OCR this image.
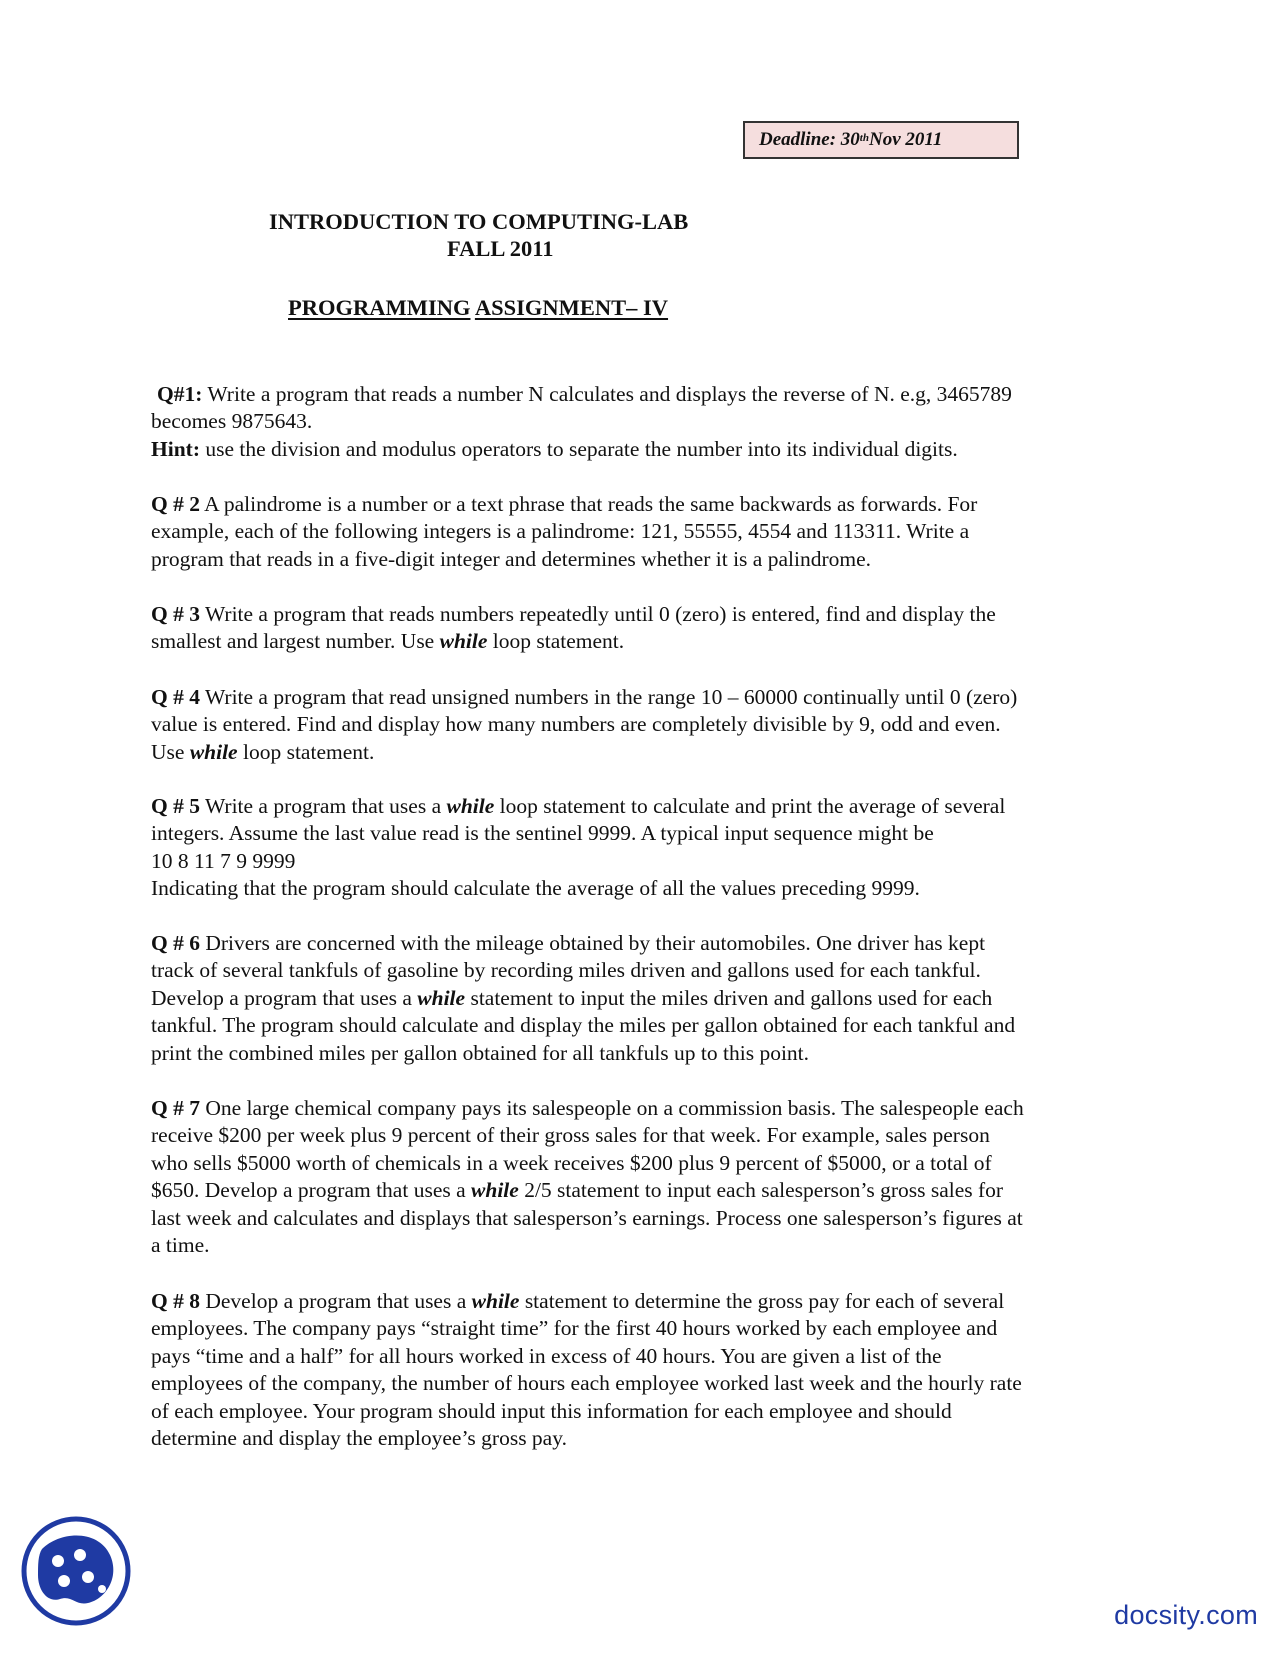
Deadline: 30th Nov 2011
INTRODUCTION TO COMPUTING-LAB
FALL 2011
PROGRAMMING ASSIGNMENT– IV
Q#1: Write a program that reads a number N calculates and displays the reverse of N. e.g, 3465789
becomes 9875643.
Hint: use the division and modulus operators to separate the number into its individual digits.
Q # 2 A palindrome is a number or a text phrase that reads the same backwards as forwards. For
example, each of the following integers is a palindrome: 121, 55555, 4554 and 113311. Write a
program that reads in a five-digit integer and determines whether it is a palindrome.
Q # 3 Write a program that reads numbers repeatedly until 0 (zero) is entered, find and display the
smallest and largest number. Use while loop statement.
Q # 4 Write a program that read unsigned numbers in the range 10 – 60000 continually until 0 (zero)
value is entered. Find and display how many numbers are completely divisible by 9, odd and even.
Use while loop statement.
Q # 5 Write a program that uses a while loop statement to calculate and print the average of several
integers. Assume the last value read is the sentinel 9999. A typical input sequence might be
10 8 11 7 9 9999
Indicating that the program should calculate the average of all the values preceding 9999.
Q # 6 Drivers are concerned with the mileage obtained by their automobiles. One driver has kept
track of several tankfuls of gasoline by recording miles driven and gallons used for each tankful.
Develop a program that uses a while statement to input the miles driven and gallons used for each
tankful. The program should calculate and display the miles per gallon obtained for each tankful and
print the combined miles per gallon obtained for all tankfuls up to this point.
Q # 7 One large chemical company pays its salespeople on a commission basis. The salespeople each
receive $200 per week plus 9 percent of their gross sales for that week. For example, sales person
who sells $5000 worth of chemicals in a week receives $200 plus 9 percent of $5000, or a total of
$650. Develop a program that uses a while 2/5 statement to input each salesperson’s gross sales for
last week and calculates and displays that salesperson’s earnings. Process one salesperson’s figures at
a time.
Q # 8 Develop a program that uses a while statement to determine the gross pay for each of several
employees. The company pays “straight time” for the first 40 hours worked by each employee and
pays “time and a half” for all hours worked in excess of 40 hours. You are given a list of the
employees of the company, the number of hours each employee worked last week and the hourly rate
of each employee. Your program should input this information for each employee and should
determine and display the employee’s gross pay.
docsity.com
